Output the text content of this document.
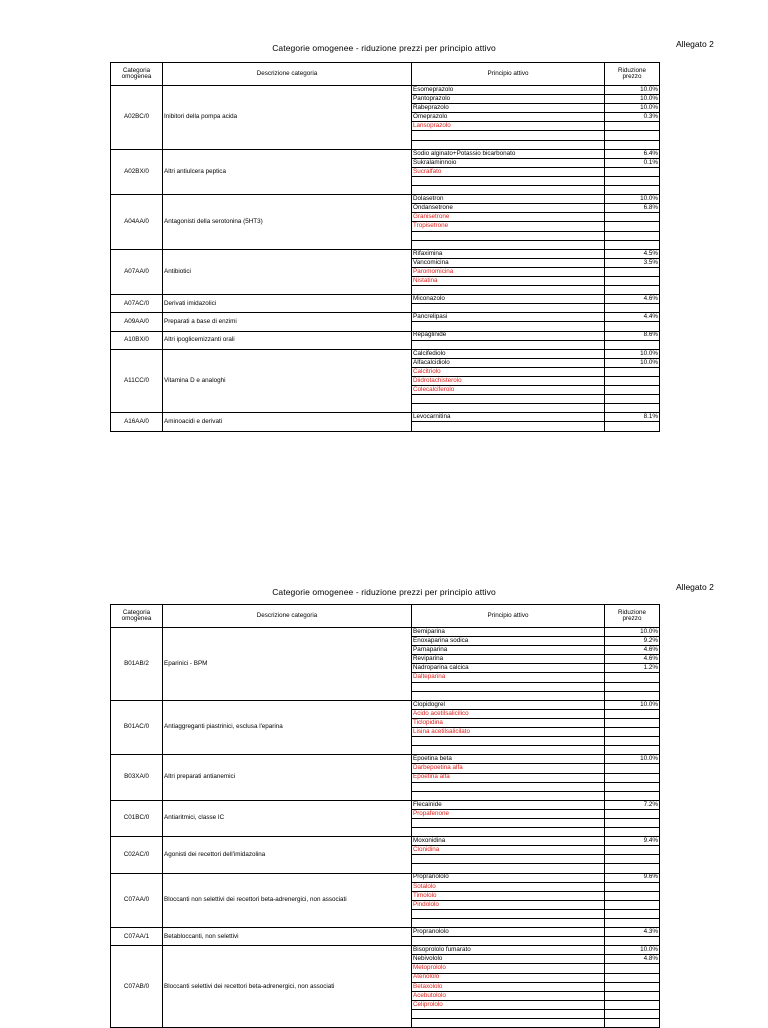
Categorie omogenee - riduzione prezzi per principio attivo	Allegato 2
Categoria
omogenea	Descrizione categoria	Principio attivo	Riduzione
prezzo
A02BC/0	Inibitori della pompa acida	Esomeprazolo	10.0%
		Pantoprazolo	10.0%
		Rabeprazolo	10.0%
		Omeprazolo	0.3%
		Lansoprazolo	

A02BX/0	Altri antiulcera peptica	Sodio alginato+Potassio bicarbonato	6.4%
		Sukralaminnoio	0.1%
		Sucralfato	

A04AA/0	Antagonisti della serotonina (5HT3)	Dolasetron	10.0%
		Ondansetrone	6.8%
		Granisetrone	
		Tropisetrone	

A07AA/0	Antibiotici	Rifaximina	4.5%
		Vancomicina	3.5%
		Paromomicina	
		Nistatina	

A07AC/0	Derivati imidazolici	Miconazolo	4.6%

A09AA/0	Preparati a base di enzimi	Pancrelipasi	4.4%

A10BX/0	Altri ipoglicemizzanti orali	Repaglinide	8.6%

A11CC/0	Vitamina D e analoghi	Calcifediolo	10.0%
		Alfacalcidiolo	10.0%
		Calcitriolo	
		Diidrotachisterolo	
		Colecalciferolo	

A16AA/0	Aminoacidi e derivati	Levocarnitina	8.1%

Categorie omogenee - riduzione prezzi per principio attivo	Allegato 2
Categoria
omogenea	Descrizione categoria	Principio attivo	Riduzione
prezzo
B01AB/2	Eparinici - BPM	Bemiparina	10.0%
		Enoxaparina sodica	9.2%
		Parnaparina	4.6%
		Reviparina	4.6%
		Nadroparina calcica	1.2%
		Dalteparina	

B01AC/0	Antiaggreganti piastrinici, esclusa l'eparina	Clopidogrel	10.0%
		Acido acetilsalicilico	
		Ticlopidina	
		Lisina acetilsalicilato	

B03XA/0	Altri preparati antianemici	Epoetina beta	10.0%
		Darbepoetina alfa	
		Epoetina alfa	

C01BC/0	Antiaritmici, classe IC	Flecainide	7.2%
		Propafenone	

C02AC/0	Agonisti dei recettori dell'imidazolina	Moxonidina	9.4%
		Clonidina	

C07AA/0	Bloccanti non selettivi dei recettori beta-adrenergici, non associati	Propranololo	9.6%
		Sotalolo	
		Timololo	
		Pindololo	

C07AA/1	Betabloccanti, non selettivi	Propranololo	4.3%

C07AB/0	Bloccanti selettivi dei recettori beta-adrenergici, non associati	Bisoprololo fumarato	10.0%
		Nebivololo	4.8%
		Metoprololo	
		Atenololo	
		Betaxololo	
		Acebutololo	
		Celiprololo	
